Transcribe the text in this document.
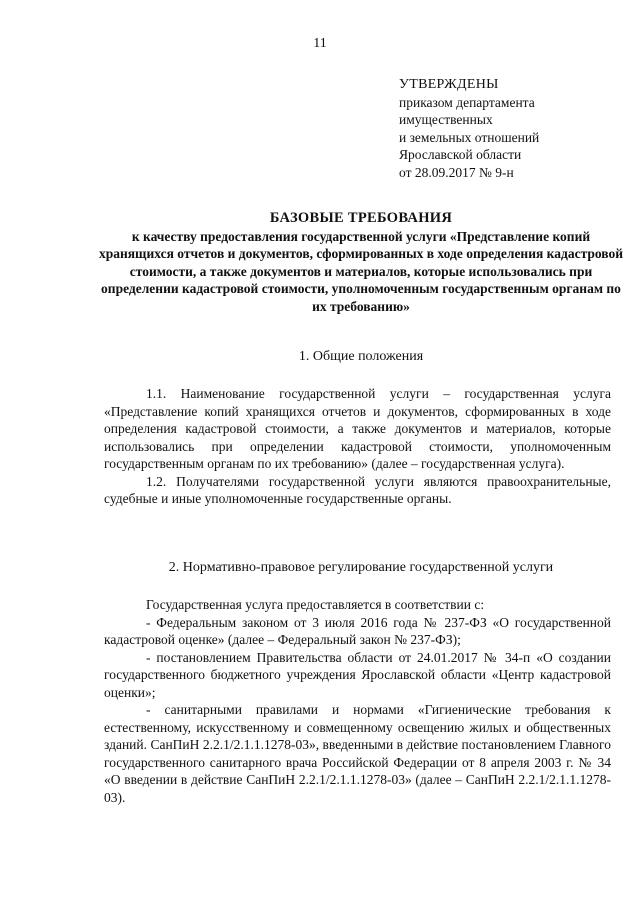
11
УТВЕРЖДЕНЫ
приказом департамента
имущественных
и земельных отношений
Ярославской области
от 28.09.2017 № 9-н
БАЗОВЫЕ ТРЕБОВАНИЯ
к качеству предоставления государственной услуги «Представление копий хранящихся отчетов и документов, сформированных в ходе определения кадастровой стоимости, а также документов и материалов, которые использовались при определении кадастровой стоимости, уполномоченным государственным органам по их требованию»
1. Общие положения

1.1. Наименование государственной услуги – государственная услуга «Представление копий хранящихся отчетов и документов, сформированных в ходе определения кадастровой стоимости, а также документов и материалов, которые использовались при определении кадастровой стоимости, уполномоченным государственным органам по их требованию» (далее – государственная услуга).

1.2. Получателями государственной услуги являются правоохранительные, судебные и иные уполномоченные государственные органы.

2. Нормативно-правовое регулирование государственной услуги

Государственная услуга предоставляется в соответствии с:

- Федеральным законом от 3 июля 2016 года № 237-ФЗ «О государственной кадастровой оценке» (далее – Федеральный закон № 237-ФЗ);

- постановлением Правительства области от 24.01.2017 № 34-п «О создании государственного бюджетного учреждения Ярославской области «Центр кадастровой оценки»;

- санитарными правилами и нормами «Гигиенические требования к естественному, искусственному и совмещенному освещению жилых и общественных зданий. СанПиН 2.2.1/2.1.1.1278-03», введенными в действие постановлением Главного государственного санитарного врача Российской Федерации от 8 апреля 2003 г. № 34 «О введении в действие СанПиН 2.2.1/2.1.1.1278-03» (далее – СанПиН 2.2.1/2.1.1.1278-03).
